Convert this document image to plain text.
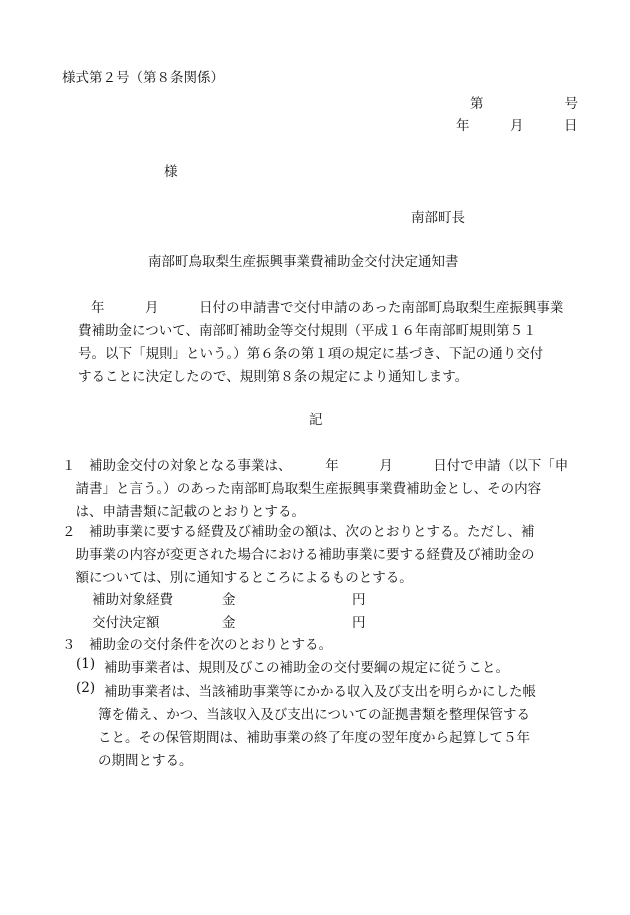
様式第２号（第８条関係）
第　　　　　　号
年　　　月　　　日
様
南部町長
南部町鳥取梨生産振興事業費補助金交付決定通知書
　　年　　　月　　　日付の申請書で交付申請のあった南部町鳥取梨生産振興事業
費補助金について、南部町補助金等交付規則（平成１６年南部町規則第５１
号。以下「規則」という。）第６条の第１項の規定に基づき、下記の通り交付
することに決定したので、規則第８条の規定により通知します。
記
１　補助金交付の対象となる事業は、　　　年　　　月　　　日付で申請（以下「申
　請書」と言う。）のあった南部町鳥取梨生産振興事業費補助金とし、その内容
　は、申請書類に記載のとおりとする。
２　補助事業に要する経費及び補助金の額は、次のとおりとする。ただし、補
　助事業の内容が変更された場合における補助事業に要する経費及び補助金の
　額については、別に通知するところによるものとする。
補助対象経費	金	円
交付決定額	金	円
３　補助金の交付条件を次のとおりとする。
(1) 補助事業者は、規則及びこの補助金の交付要綱の規定に従うこと。
(2) 補助事業者は、当該補助事業等にかかる収入及び支出を明らかにした帳
簿を備え、かつ、当該収入及び支出についての証拠書類を整理保管する
こと。その保管期間は、補助事業の終了年度の翌年度から起算して５年
の期間とする。
